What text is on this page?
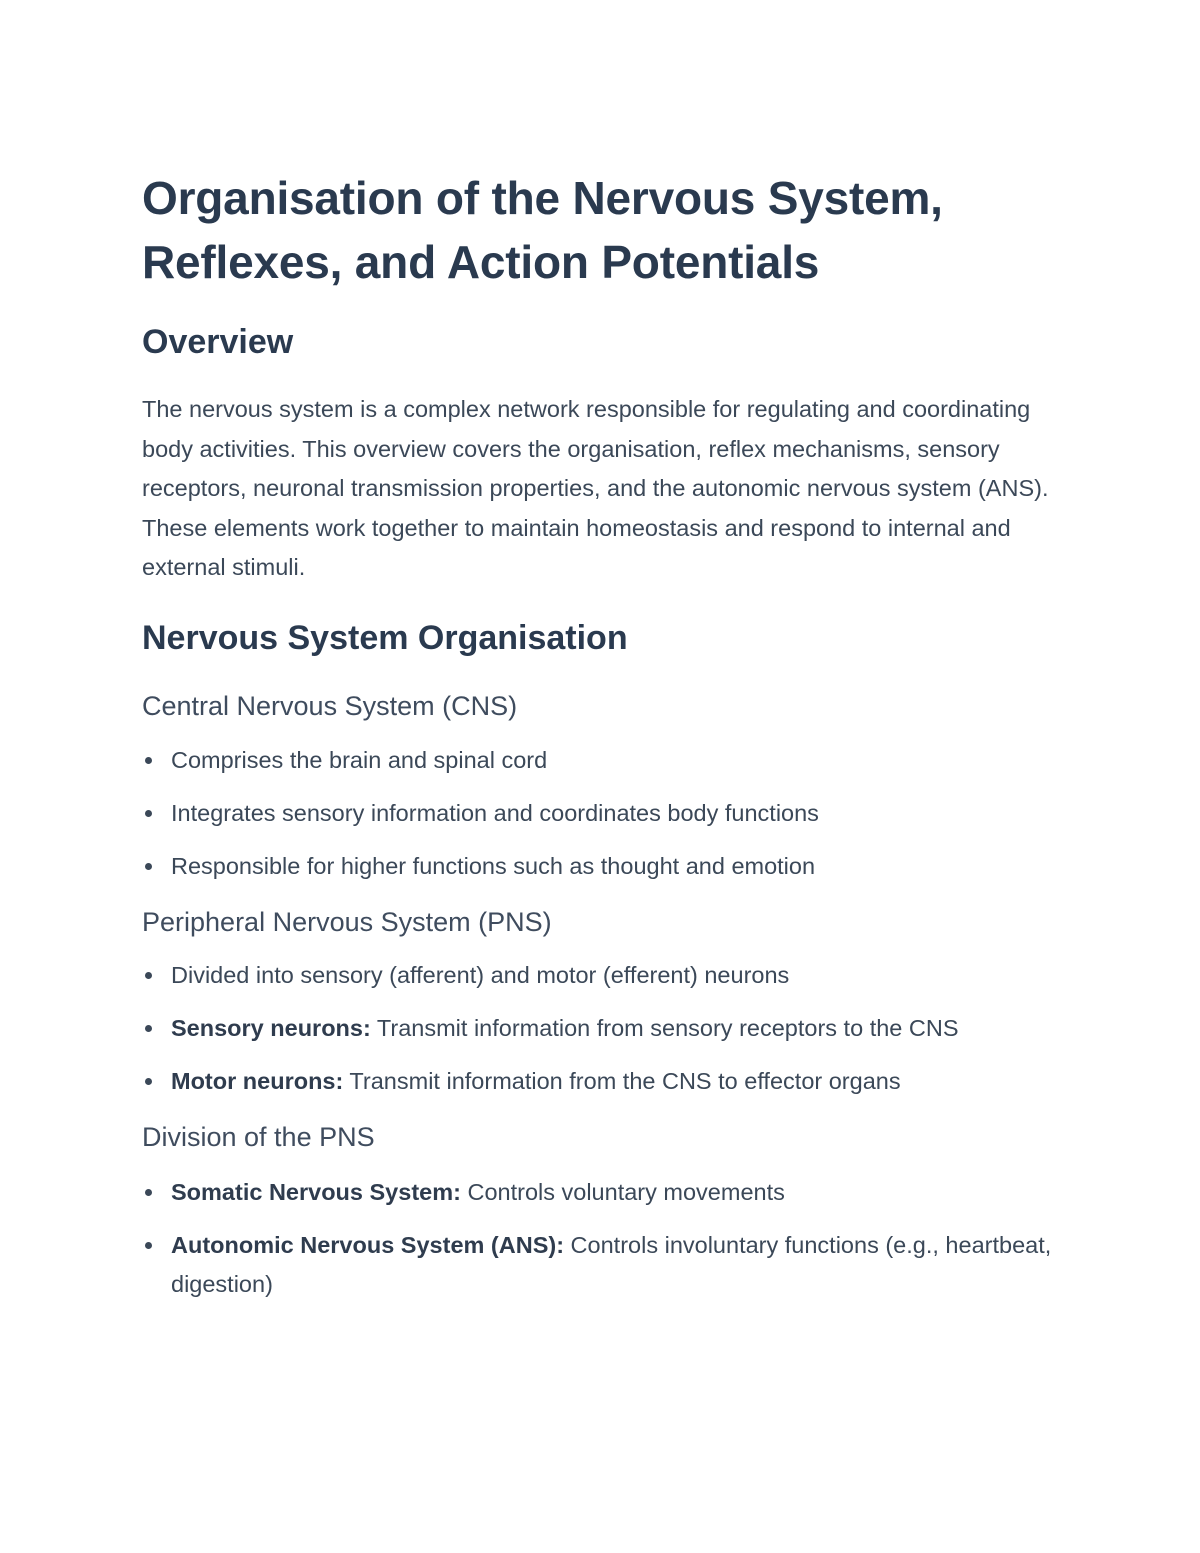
Organisation of the Nervous System,
Reflexes, and Action Potentials
Overview

The nervous system is a complex network responsible for regulating and coordinating body activities. This overview covers the organisation, reflex mechanisms, sensory receptors, neuronal transmission properties, and the autonomic nervous system (ANS). These elements work together to maintain homeostasis and respond to internal and external stimuli.

Nervous System Organisation
Central Nervous System (CNS)
Comprises the brain and spinal cord
Integrates sensory information and coordinates body functions
Responsible for higher functions such as thought and emotion
Peripheral Nervous System (PNS)
Divided into sensory (afferent) and motor (efferent) neurons
Sensory neurons: Transmit information from sensory receptors to the CNS
Motor neurons: Transmit information from the CNS to effector organs
Division of the PNS
Somatic Nervous System: Controls voluntary movements
Autonomic Nervous System (ANS): Controls involuntary functions (e.g., heartbeat, digestion)
